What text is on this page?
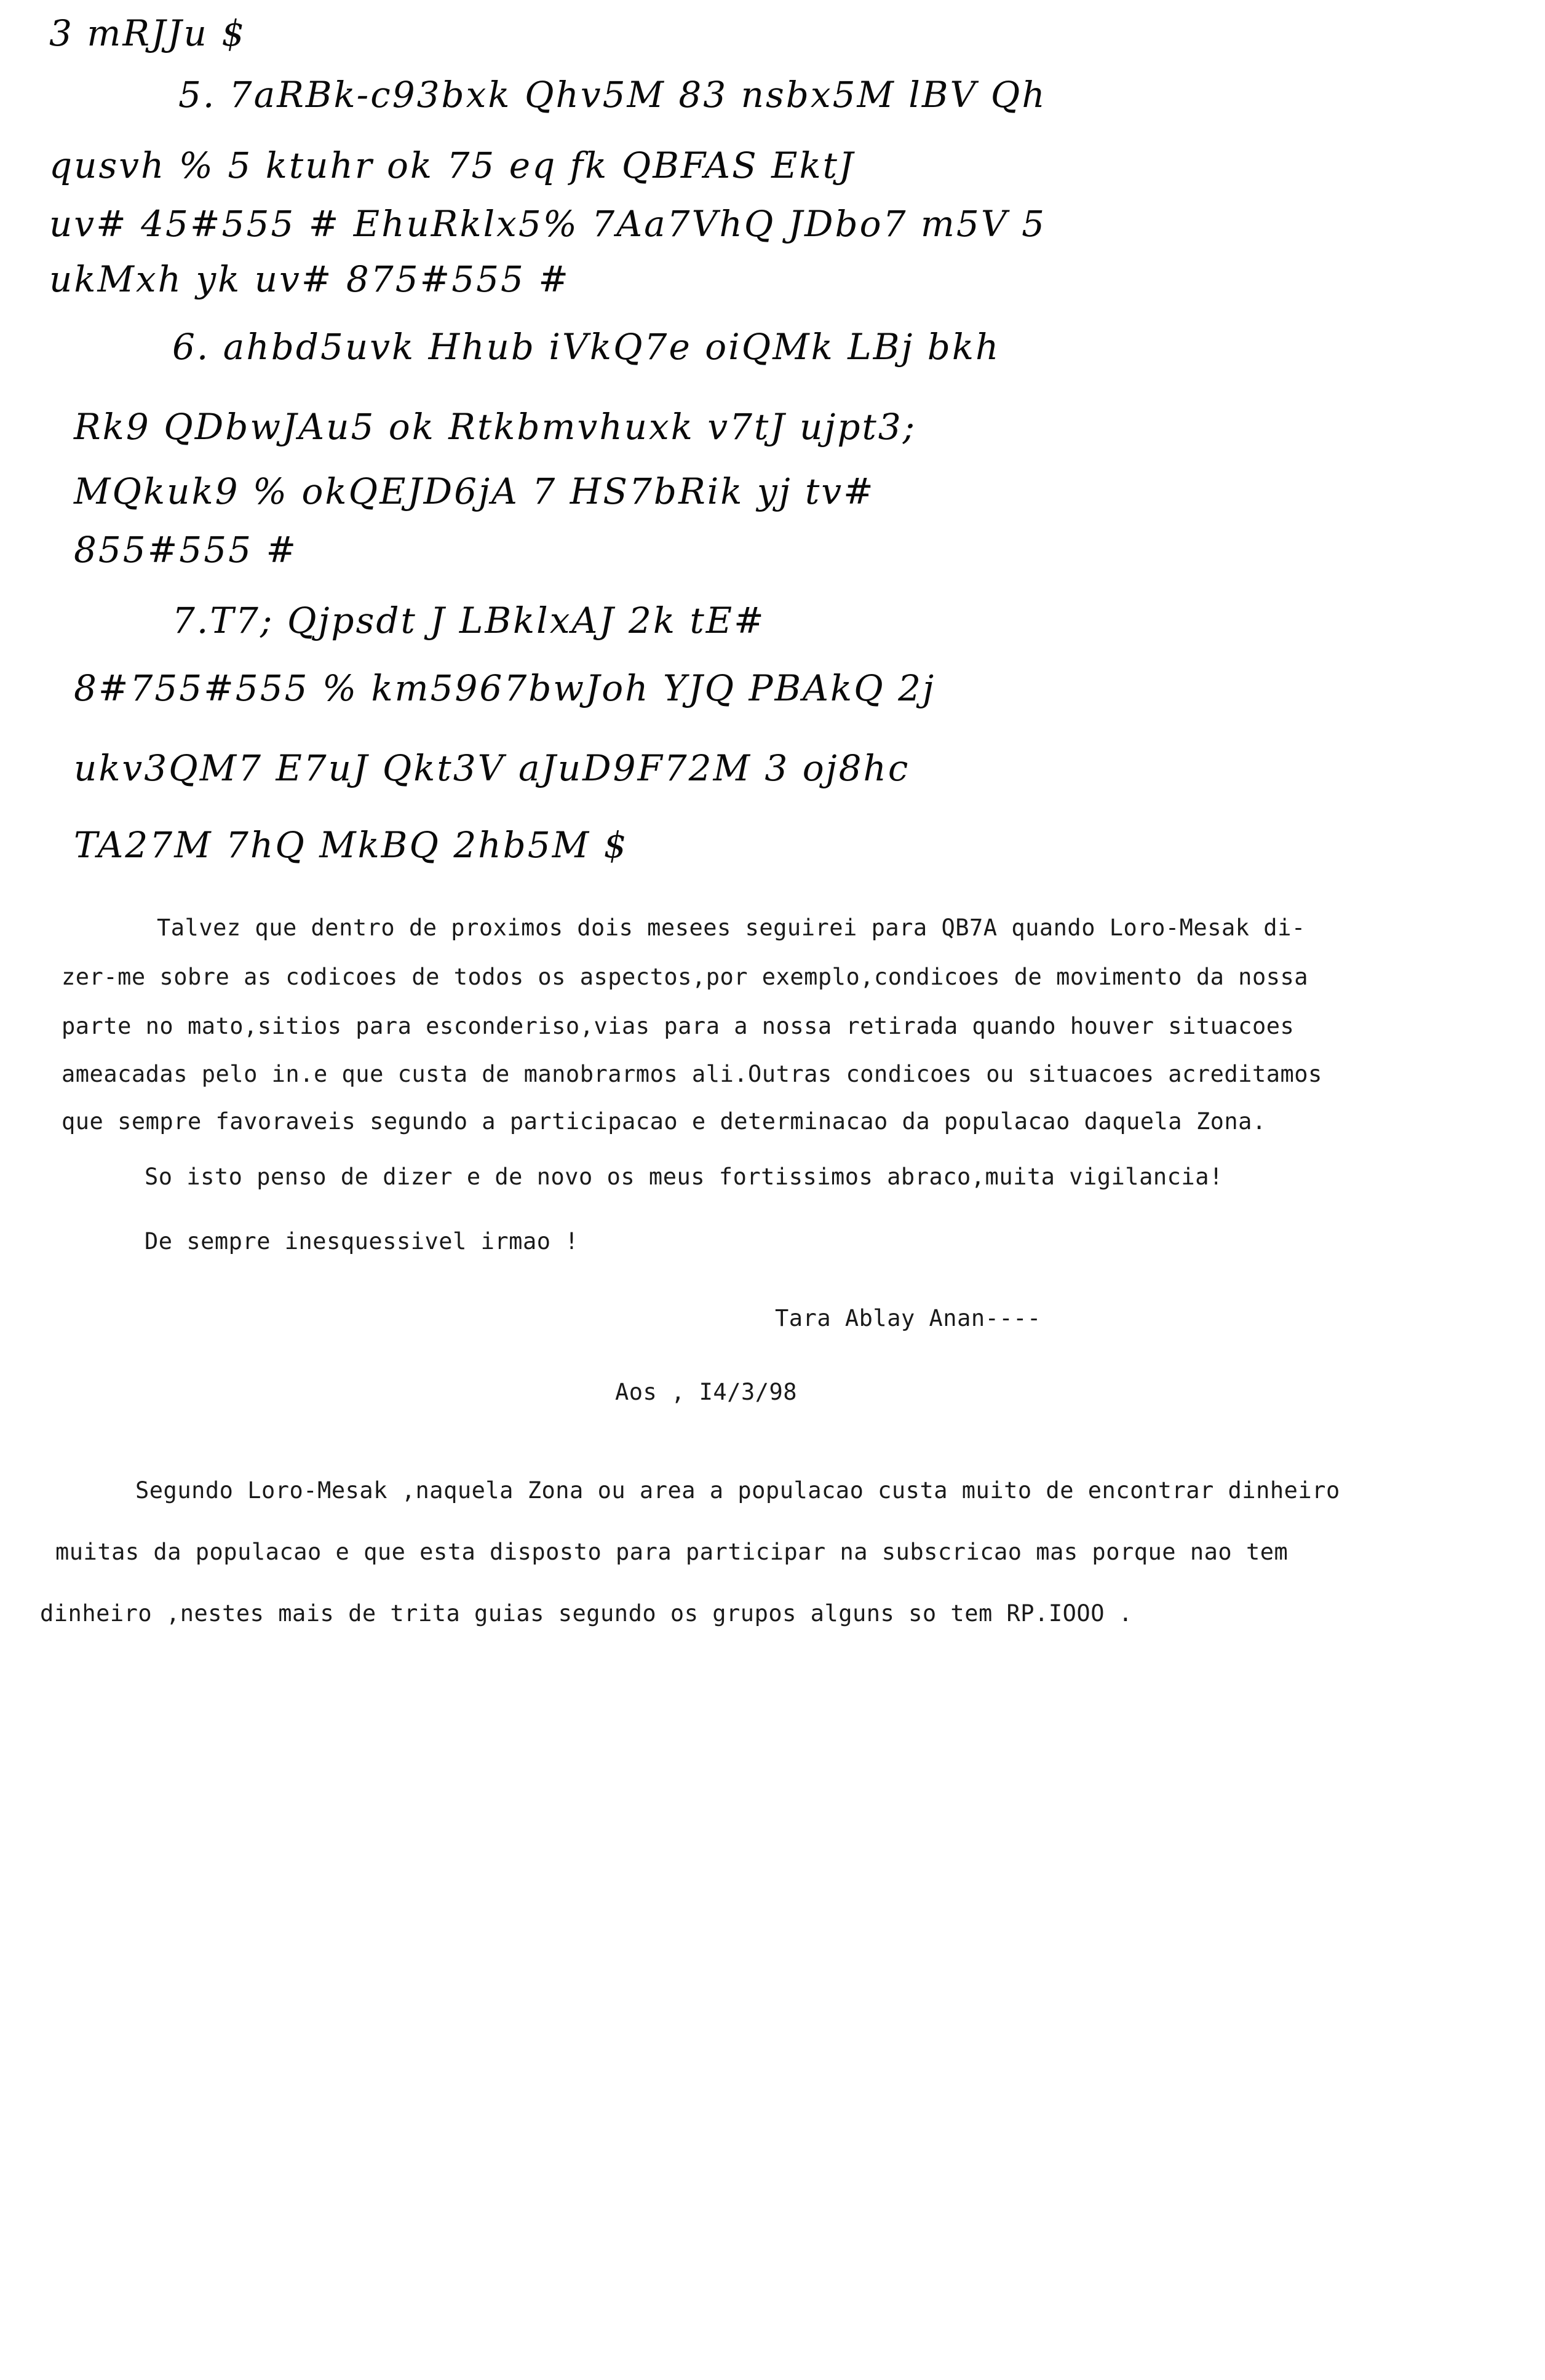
3 mRJJu $
5. 7aRBk-c93bxk Qhv5M 83 nsbx5M lBV Qh
qusvh % 5 ktuhr ok 75 eq fk QBFAS EktJ
uv# 45#555 # EhuRklx5% 7Aa7VhQ JDbo7 m5V 5
ukMxh yk uv# 875#555 #
6. ahbd5uvk Hhub iVkQ7e oiQMk LBj bkh
Rk9 QDbwJAu5 ok Rtkbmvhuxk v7tJ ujpt3;
MQkuk9 % okQEJD6jA 7 HS7bRik yj tv#
855#555 #
7.T7; Qjpsdt J LBklxAJ 2k tE#
8#755#555 % km5967bwJoh YJQ PBAkQ 2j
ukv3QM7 E7uJ Qkt3V aJuD9F72M 3 oj8hc
TA27M 7hQ MkBQ 2hb5M $
Talvez que dentro de proximos dois mesees seguirei para QB7A quando Loro-Mesak di-
zer-me sobre as codicoes de todos os aspectos,por exemplo,condicoes de movimento da nossa
parte no mato,sitios para esconderiso,vias para a nossa retirada quando houver situacoes
ameacadas pelo in.e que custa de manobrarmos ali.Outras condicoes ou situacoes acreditamos
que sempre favoraveis segundo a participacao e determinacao da populacao daquela Zona.
So isto penso de dizer e de novo os meus fortissimos abraco,muita vigilancia!
De sempre inesquessivel irmao !
Tara Ablay Anan----
Aos , I4/3/98
Segundo Loro-Mesak ,naquela Zona ou area a populacao custa muito de encontrar dinheiro
muitas da populacao e que esta disposto para participar na subscricao mas porque nao tem
dinheiro ,nestes mais de trita guias segundo os grupos alguns so tem RP.IOOO .
